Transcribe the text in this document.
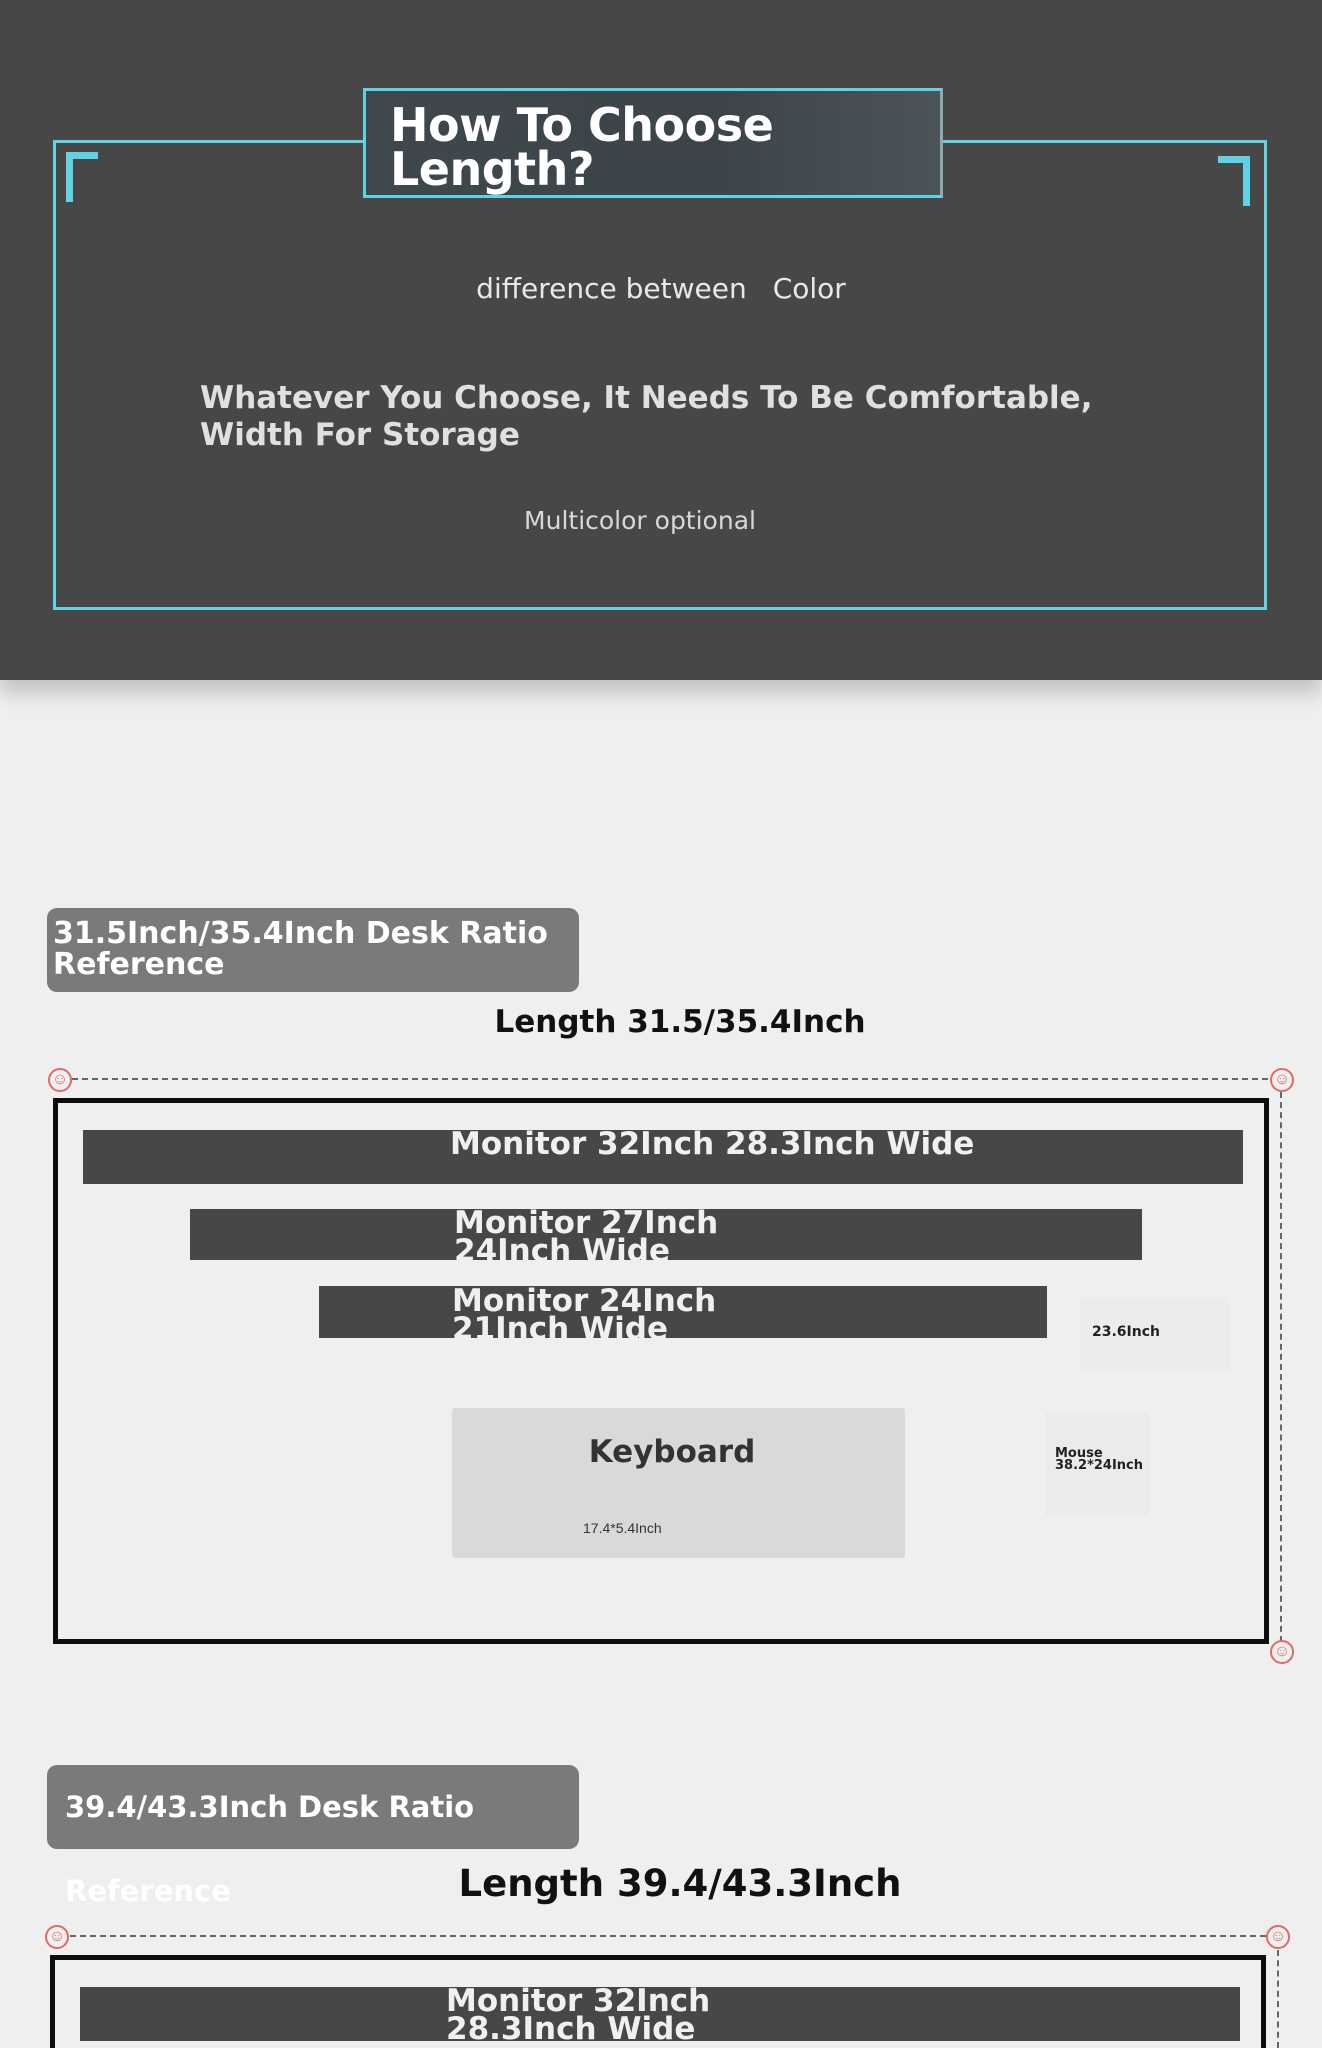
How To Choose Length?
difference between Color
Whatever You Choose, It Needs To Be Comfortable, Width For Storage
Multicolor optional
31.5Inch/35.4Inch Desk Ratio Reference
Length 31.5/35.4Inch
☺	☺
☺
Monitor 32Inch 28.3Inch Wide
Monitor 27Inch 24Inch Wide
Monitor 24Inch 21Inch Wide	23.6Inch
Keyboard
17.4*5.4Inch
Mouse
38.2*24Inch
39.4/43.3Inch Desk Ratio Reference	Length 39.4/43.3Inch
☺	☺
Monitor 32Inch 28.3Inch Wide
